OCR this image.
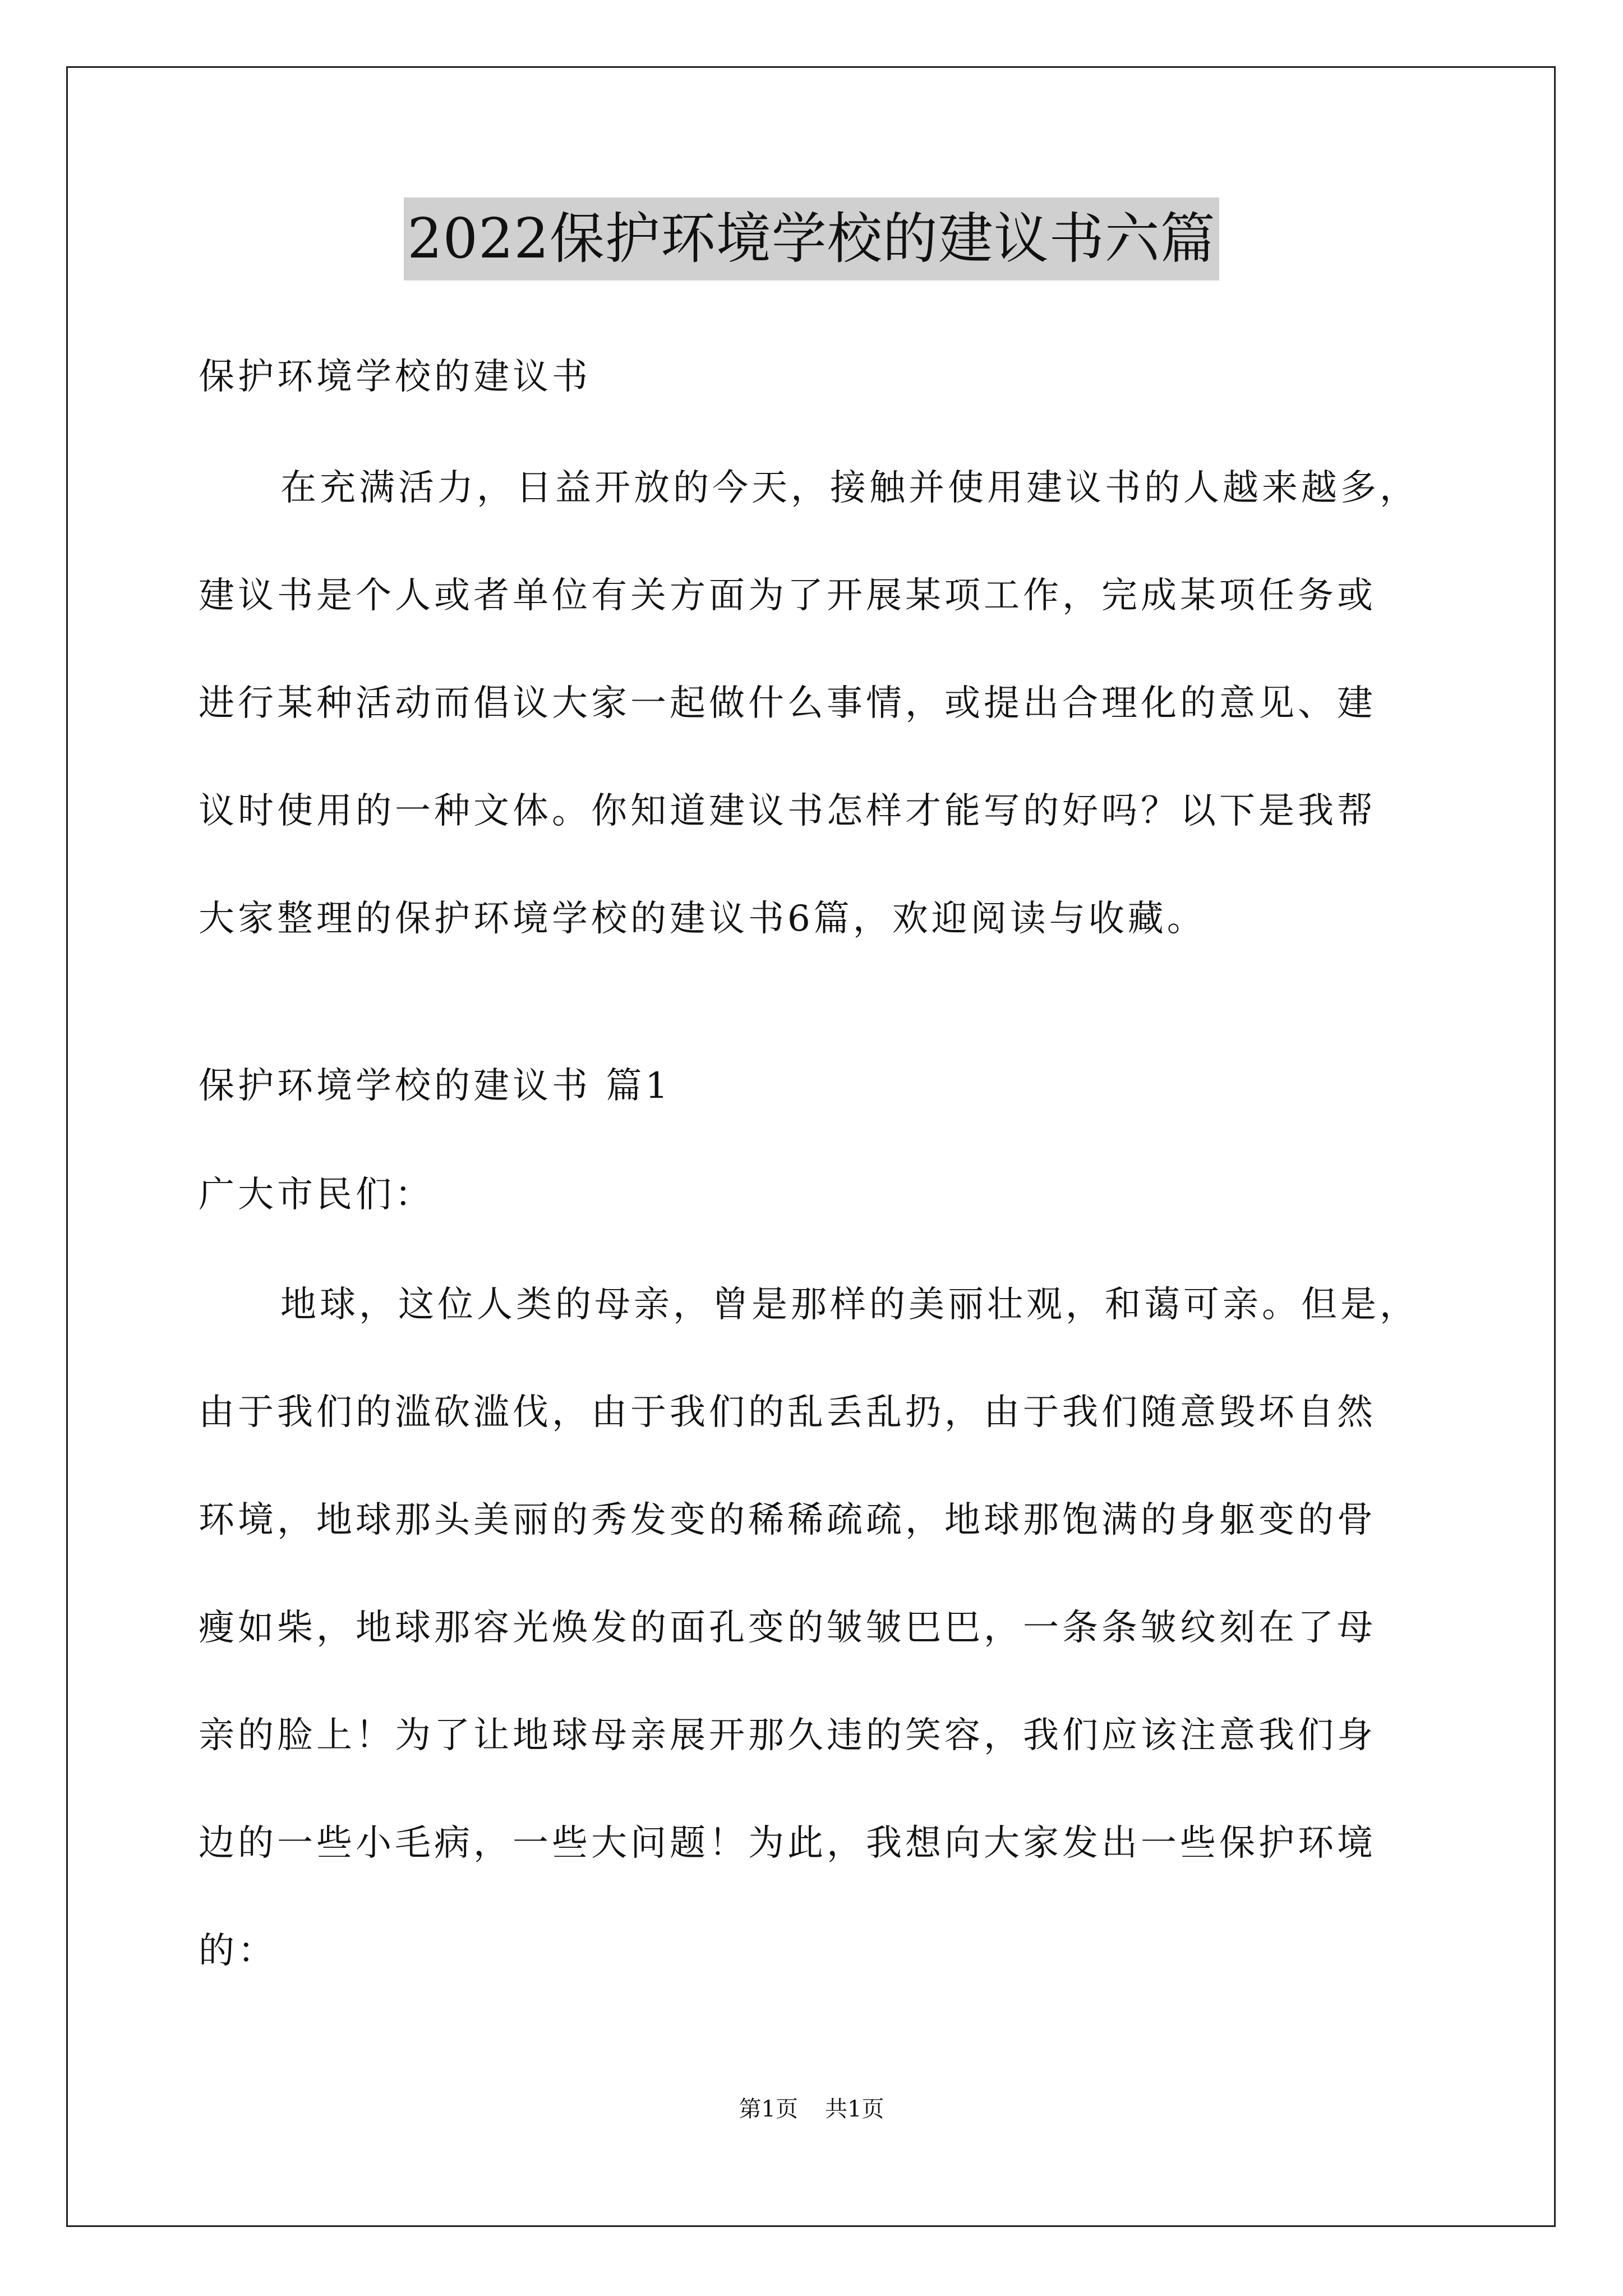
2022保护环境学校的建议书六篇
保护环境学校的建议书
在充满活力，日益开放的今天，接触并使用建议书的人越来越多，
建议书是个人或者单位有关方面为了开展某项工作，完成某项任务或
进行某种活动而倡议大家一起做什么事情，或提出合理化的意见、建
议时使用的一种文体。你知道建议书怎样才能写的好吗？以下是我帮
大家整理的保护环境学校的建议书6篇，欢迎阅读与收藏。
保护环境学校的建议书 篇1
广大市民们：
地球，这位人类的母亲，曾是那样的美丽壮观，和蔼可亲。但是，
由于我们的滥砍滥伐，由于我们的乱丢乱扔，由于我们随意毁坏自然
环境，地球那头美丽的秀发变的稀稀疏疏，地球那饱满的身躯变的骨
瘦如柴，地球那容光焕发的面孔变的皱皱巴巴，一条条皱纹刻在了母
亲的脸上！为了让地球母亲展开那久违的笑容，我们应该注意我们身
边的一些小毛病，一些大问题！为此，我想向大家发出一些保护环境
的：
第1页 共1页
